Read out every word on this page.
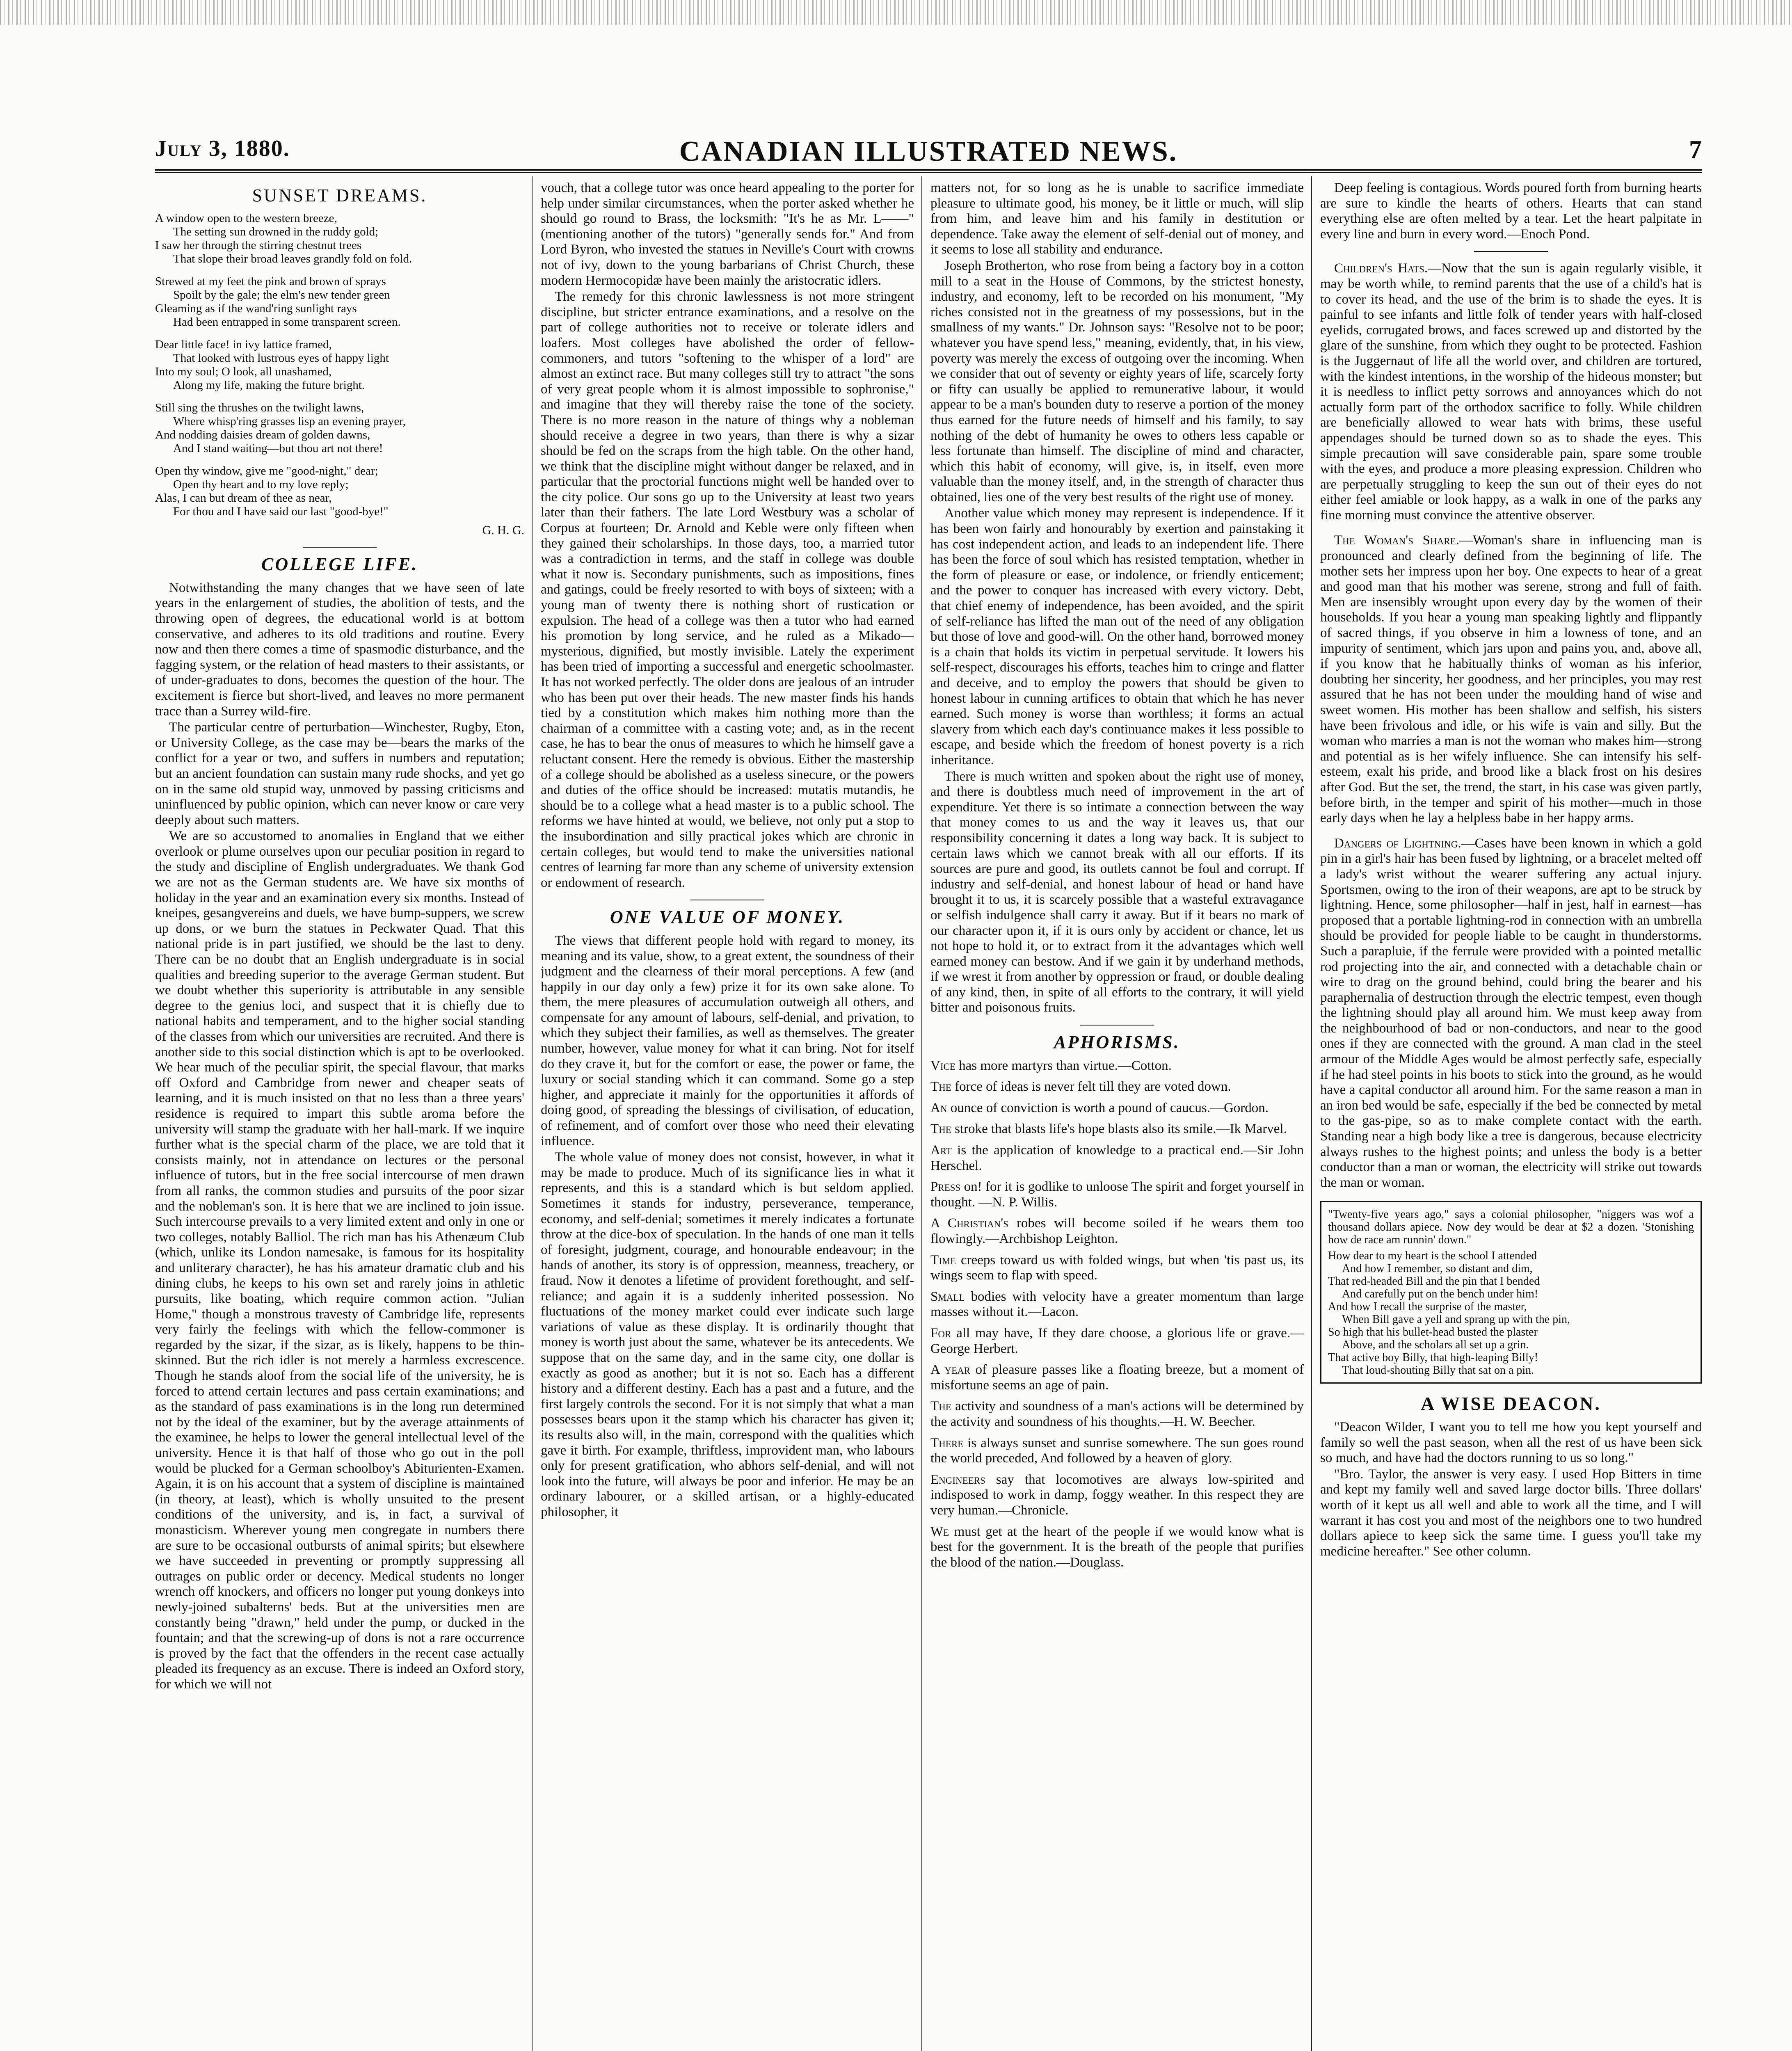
July 3, 1880.	CANADIAN ILLUSTRATED NEWS.	7
SUNSET DREAMS.
A window open to the western breeze,
The setting sun drowned in the ruddy gold;
I saw her through the stirring chestnut trees
That slope their broad leaves grandly fold on fold.
Strewed at my feet the pink and brown of sprays
Spoilt by the gale; the elm's new tender green
Gleaming as if the wand'ring sunlight rays
Had been entrapped in some transparent screen.
Dear little face! in ivy lattice framed,
That looked with lustrous eyes of happy light
Into my soul; O look, all unashamed,
Along my life, making the future bright.
Still sing the thrushes on the twilight lawns,
Where whisp'ring grasses lisp an evening prayer,
And nodding daisies dream of golden dawns,
And I stand waiting—but thou art not there!
Open thy window, give me "good-night," dear;
Open thy heart and to my love reply;
Alas, I can but dream of thee as near,
For thou and I have said our last "good-bye!"
G. H. G.
COLLEGE LIFE.

Notwithstanding the many changes that we have seen of late years in the enlargement of studies, the abolition of tests, and the throwing open of degrees, the educational world is at bottom conservative, and adheres to its old traditions and routine. Every now and then there comes a time of spasmodic disturbance, and the fagging system, or the relation of head masters to their assistants, or of under-graduates to dons, becomes the question of the hour. The excitement is fierce but short-lived, and leaves no more permanent trace than a Surrey wild-fire.

The particular centre of perturbation—Winchester, Rugby, Eton, or University College, as the case may be—bears the marks of the conflict for a year or two, and suffers in numbers and reputation; but an ancient foundation can sustain many rude shocks, and yet go on in the same old stupid way, unmoved by passing criticisms and uninfluenced by public opinion, which can never know or care very deeply about such matters.

We are so accustomed to anomalies in England that we either overlook or plume ourselves upon our peculiar position in regard to the study and discipline of English undergraduates. We thank God we are not as the German students are. We have six months of holiday in the year and an examination every six months. Instead of kneipes, gesangvereins and duels, we have bump-suppers, we screw up dons, or we burn the statues in Peckwater Quad. That this national pride is in part justified, we should be the last to deny. There can be no doubt that an English undergraduate is in social qualities and breeding superior to the average German student. But we doubt whether this superiority is attributable in any sensible degree to the genius loci, and suspect that it is chiefly due to national habits and temperament, and to the higher social standing of the classes from which our universities are recruited. And there is another side to this social distinction which is apt to be overlooked. We hear much of the peculiar spirit, the special flavour, that marks off Oxford and Cambridge from newer and cheaper seats of learning, and it is much insisted on that no less than a three years' residence is required to impart this subtle aroma before the university will stamp the graduate with her hall-mark. If we inquire further what is the special charm of the place, we are told that it consists mainly, not in attendance on lectures or the personal influence of tutors, but in the free social intercourse of men drawn from all ranks, the common studies and pursuits of the poor sizar and the nobleman's son. It is here that we are inclined to join issue. Such intercourse prevails to a very limited extent and only in one or two colleges, notably Balliol. The rich man has his Athenæum Club (which, unlike its London namesake, is famous for its hospitality and unliterary character), he has his amateur dramatic club and his dining clubs, he keeps to his own set and rarely joins in athletic pursuits, like boating, which require common action. "Julian Home," though a monstrous travesty of Cambridge life, represents very fairly the feelings with which the fellow-commoner is regarded by the sizar, if the sizar, as is likely, happens to be thin-skinned. But the rich idler is not merely a harmless excrescence. Though he stands aloof from the social life of the university, he is forced to attend certain lectures and pass certain examinations; and as the standard of pass examinations is in the long run determined not by the ideal of the examiner, but by the average attainments of the examinee, he helps to lower the general intellectual level of the university. Hence it is that half of those who go out in the poll would be plucked for a German schoolboy's Abiturienten-Examen. Again, it is on his account that a system of discipline is maintained (in theory, at least), which is wholly unsuited to the present conditions of the university, and is, in fact, a survival of monasticism. Wherever young men congregate in numbers there are sure to be occasional outbursts of animal spirits; but elsewhere we have succeeded in preventing or promptly suppressing all outrages on public order or decency. Medical students no longer wrench off knockers, and officers no longer put young donkeys into newly-joined subalterns' beds. But at the universities men are constantly being "drawn," held under the pump, or ducked in the fountain; and that the screwing-up of dons is not a rare occurrence is proved by the fact that the offenders in the recent case actually pleaded its frequency as an excuse. There is indeed an Oxford story, for which we will not

vouch, that a college tutor was once heard appealing to the porter for help under similar circumstances, when the porter asked whether he should go round to Brass, the locksmith: "It's he as Mr. L——" (mentioning another of the tutors) "generally sends for." And from Lord Byron, who invested the statues in Neville's Court with crowns not of ivy, down to the young barbarians of Christ Church, these modern Hermocopidæ have been mainly the aristocratic idlers.

The remedy for this chronic lawlessness is not more stringent discipline, but stricter entrance examinations, and a resolve on the part of college authorities not to receive or tolerate idlers and loafers. Most colleges have abolished the order of fellow-commoners, and tutors "softening to the whisper of a lord" are almost an extinct race. But many colleges still try to attract "the sons of very great people whom it is almost impossible to sophronise," and imagine that they will thereby raise the tone of the society. There is no more reason in the nature of things why a nobleman should receive a degree in two years, than there is why a sizar should be fed on the scraps from the high table. On the other hand, we think that the discipline might without danger be relaxed, and in particular that the proctorial functions might well be handed over to the city police. Our sons go up to the University at least two years later than their fathers. The late Lord Westbury was a scholar of Corpus at fourteen; Dr. Arnold and Keble were only fifteen when they gained their scholarships. In those days, too, a married tutor was a contradiction in terms, and the staff in college was double what it now is. Secondary punishments, such as impositions, fines and gatings, could be freely resorted to with boys of sixteen; with a young man of twenty there is nothing short of rustication or expulsion. The head of a college was then a tutor who had earned his promotion by long service, and he ruled as a Mikado—mysterious, dignified, but mostly invisible. Lately the experiment has been tried of importing a successful and energetic schoolmaster. It has not worked perfectly. The older dons are jealous of an intruder who has been put over their heads. The new master finds his hands tied by a constitution which makes him nothing more than the chairman of a committee with a casting vote; and, as in the recent case, he has to bear the onus of measures to which he himself gave a reluctant consent. Here the remedy is obvious. Either the mastership of a college should be abolished as a useless sinecure, or the powers and duties of the office should be increased: mutatis mutandis, he should be to a college what a head master is to a public school. The reforms we have hinted at would, we believe, not only put a stop to the insubordination and silly practical jokes which are chronic in certain colleges, but would tend to make the universities national centres of learning far more than any scheme of university extension or endowment of research.

ONE VALUE OF MONEY.

The views that different people hold with regard to money, its meaning and its value, show, to a great extent, the soundness of their judgment and the clearness of their moral perceptions. A few (and happily in our day only a few) prize it for its own sake alone. To them, the mere pleasures of accumulation outweigh all others, and compensate for any amount of labours, self-denial, and privation, to which they subject their families, as well as themselves. The greater number, however, value money for what it can bring. Not for itself do they crave it, but for the comfort or ease, the power or fame, the luxury or social standing which it can command. Some go a step higher, and appreciate it mainly for the opportunities it affords of doing good, of spreading the blessings of civilisation, of education, of refinement, and of comfort over those who need their elevating influence.

The whole value of money does not consist, however, in what it may be made to produce. Much of its significance lies in what it represents, and this is a standard which is but seldom applied. Sometimes it stands for industry, perseverance, temperance, economy, and self-denial; sometimes it merely indicates a fortunate throw at the dice-box of speculation. In the hands of one man it tells of foresight, judgment, courage, and honourable endeavour; in the hands of another, its story is of oppression, meanness, treachery, or fraud. Now it denotes a lifetime of provident forethought, and self-reliance; and again it is a suddenly inherited possession. No fluctuations of the money market could ever indicate such large variations of value as these display. It is ordinarily thought that money is worth just about the same, whatever be its antecedents. We suppose that on the same day, and in the same city, one dollar is exactly as good as another; but it is not so. Each has a different history and a different destiny. Each has a past and a future, and the first largely controls the second. For it is not simply that what a man possesses bears upon it the stamp which his character has given it; its results also will, in the main, correspond with the qualities which gave it birth. For example, thriftless, improvident man, who labours only for present gratification, who abhors self-denial, and will not look into the future, will always be poor and inferior. He may be an ordinary labourer, or a skilled artisan, or a highly-educated philosopher, it

matters not, for so long as he is unable to sacrifice immediate pleasure to ultimate good, his money, be it little or much, will slip from him, and leave him and his family in destitution or dependence. Take away the element of self-denial out of money, and it seems to lose all stability and endurance.

Joseph Brotherton, who rose from being a factory boy in a cotton mill to a seat in the House of Commons, by the strictest honesty, industry, and economy, left to be recorded on his monument, "My riches consisted not in the greatness of my possessions, but in the smallness of my wants." Dr. Johnson says: "Resolve not to be poor; whatever you have spend less," meaning, evidently, that, in his view, poverty was merely the excess of outgoing over the incoming. When we consider that out of seventy or eighty years of life, scarcely forty or fifty can usually be applied to remunerative labour, it would appear to be a man's bounden duty to reserve a portion of the money thus earned for the future needs of himself and his family, to say nothing of the debt of humanity he owes to others less capable or less fortunate than himself. The discipline of mind and character, which this habit of economy, will give, is, in itself, even more valuable than the money itself, and, in the strength of character thus obtained, lies one of the very best results of the right use of money.

Another value which money may represent is independence. If it has been won fairly and honourably by exertion and painstaking it has cost independent action, and leads to an independent life. There has been the force of soul which has resisted temptation, whether in the form of pleasure or ease, or indolence, or friendly enticement; and the power to conquer has increased with every victory. Debt, that chief enemy of independence, has been avoided, and the spirit of self-reliance has lifted the man out of the need of any obligation but those of love and good-will. On the other hand, borrowed money is a chain that holds its victim in perpetual servitude. It lowers his self-respect, discourages his efforts, teaches him to cringe and flatter and deceive, and to employ the powers that should be given to honest labour in cunning artifices to obtain that which he has never earned. Such money is worse than worthless; it forms an actual slavery from which each day's continuance makes it less possible to escape, and beside which the freedom of honest poverty is a rich inheritance.

There is much written and spoken about the right use of money, and there is doubtless much need of improvement in the art of expenditure. Yet there is so intimate a connection between the way that money comes to us and the way it leaves us, that our responsibility concerning it dates a long way back. It is subject to certain laws which we cannot break with all our efforts. If its sources are pure and good, its outlets cannot be foul and corrupt. If industry and self-denial, and honest labour of head or hand have brought it to us, it is scarcely possible that a wasteful extravagance or selfish indulgence shall carry it away. But if it bears no mark of our character upon it, if it is ours only by accident or chance, let us not hope to hold it, or to extract from it the advantages which well earned money can bestow. And if we gain it by underhand methods, if we wrest it from another by oppression or fraud, or double dealing of any kind, then, in spite of all efforts to the contrary, it will yield bitter and poisonous fruits.

APHORISMS.

Vice has more martyrs than virtue.—Cotton.

The force of ideas is never felt till they are voted down.

An ounce of conviction is worth a pound of caucus.—Gordon.

The stroke that blasts life's hope blasts also its smile.—Ik Marvel.

Art is the application of knowledge to a practical end.—Sir John Herschel.

Press on! for it is godlike to unloose The spirit and forget yourself in thought. —N. P. Willis.

A Christian's robes will become soiled if he wears them too flowingly.—Archbishop Leighton.

Time creeps toward us with folded wings, but when 'tis past us, its wings seem to flap with speed.

Small bodies with velocity have a greater momentum than large masses without it.—Lacon.

For all may have, If they dare choose, a glorious life or grave.—George Herbert.

A year of pleasure passes like a floating breeze, but a moment of misfortune seems an age of pain.

The activity and soundness of a man's actions will be determined by the activity and soundness of his thoughts.—H. W. Beecher.

There is always sunset and sunrise somewhere. The sun goes round the world preceded, And followed by a heaven of glory.

Engineers say that locomotives are always low-spirited and indisposed to work in damp, foggy weather. In this respect they are very human.—Chronicle.

We must get at the heart of the people if we would know what is best for the government. It is the breath of the people that purifies the blood of the nation.—Douglass.

Deep feeling is contagious. Words poured forth from burning hearts are sure to kindle the hearts of others. Hearts that can stand everything else are often melted by a tear. Let the heart palpitate in every line and burn in every word.—Enoch Pond.

Children's Hats.—Now that the sun is again regularly visible, it may be worth while, to remind parents that the use of a child's hat is to cover its head, and the use of the brim is to shade the eyes. It is painful to see infants and little folk of tender years with half-closed eyelids, corrugated brows, and faces screwed up and distorted by the glare of the sunshine, from which they ought to be protected. Fashion is the Juggernaut of life all the world over, and children are tortured, with the kindest intentions, in the worship of the hideous monster; but it is needless to inflict petty sorrows and annoyances which do not actually form part of the orthodox sacrifice to folly. While children are beneficially allowed to wear hats with brims, these useful appendages should be turned down so as to shade the eyes. This simple precaution will save considerable pain, spare some trouble with the eyes, and produce a more pleasing expression. Children who are perpetually struggling to keep the sun out of their eyes do not either feel amiable or look happy, as a walk in one of the parks any fine morning must convince the attentive observer.

The Woman's Share.—Woman's share in influencing man is pronounced and clearly defined from the beginning of life. The mother sets her impress upon her boy. One expects to hear of a great and good man that his mother was serene, strong and full of faith. Men are insensibly wrought upon every day by the women of their households. If you hear a young man speaking lightly and flippantly of sacred things, if you observe in him a lowness of tone, and an impurity of sentiment, which jars upon and pains you, and, above all, if you know that he habitually thinks of woman as his inferior, doubting her sincerity, her goodness, and her principles, you may rest assured that he has not been under the moulding hand of wise and sweet women. His mother has been shallow and selfish, his sisters have been frivolous and idle, or his wife is vain and silly. But the woman who marries a man is not the woman who makes him—strong and potential as is her wifely influence. She can intensify his self-esteem, exalt his pride, and brood like a black frost on his desires after God. But the set, the trend, the start, in his case was given partly, before birth, in the temper and spirit of his mother—much in those early days when he lay a helpless babe in her happy arms.

Dangers of Lightning.—Cases have been known in which a gold pin in a girl's hair has been fused by lightning, or a bracelet melted off a lady's wrist without the wearer suffering any actual injury. Sportsmen, owing to the iron of their weapons, are apt to be struck by lightning. Hence, some philosopher—half in jest, half in earnest—has proposed that a portable lightning-rod in connection with an umbrella should be provided for people liable to be caught in thunderstorms. Such a parapluie, if the ferrule were provided with a pointed metallic rod projecting into the air, and connected with a detachable chain or wire to drag on the ground behind, could bring the bearer and his paraphernalia of destruction through the electric tempest, even though the lightning should play all around him. We must keep away from the neighbourhood of bad or non-conductors, and near to the good ones if they are connected with the ground. A man clad in the steel armour of the Middle Ages would be almost perfectly safe, especially if he had steel points in his boots to stick into the ground, as he would have a capital conductor all around him. For the same reason a man in an iron bed would be safe, especially if the bed be connected by metal to the gas-pipe, so as to make complete contact with the earth. Standing near a high body like a tree is dangerous, because electricity always rushes to the highest points; and unless the body is a better conductor than a man or woman, the electricity will strike out towards the man or woman.

"Twenty-five years ago," says a colonial philosopher, "niggers was wof a thousand dollars apiece. Now dey would be dear at $2 a dozen. 'Stonishing how de race am runnin' down."

How dear to my heart is the school I attended
And how I remember, so distant and dim,
That red-headed Bill and the pin that I bended
And carefully put on the bench under him!
And how I recall the surprise of the master,
When Bill gave a yell and sprang up with the pin,
So high that his bullet-head busted the plaster
Above, and the scholars all set up a grin.
That active boy Billy, that high-leaping Billy!
That loud-shouting Billy that sat on a pin.
A WISE DEACON.

"Deacon Wilder, I want you to tell me how you kept yourself and family so well the past season, when all the rest of us have been sick so much, and have had the doctors running to us so long."

"Bro. Taylor, the answer is very easy. I used Hop Bitters in time and kept my family well and saved large doctor bills. Three dollars' worth of it kept us all well and able to work all the time, and I will warrant it has cost you and most of the neighbors one to two hundred dollars apiece to keep sick the same time. I guess you'll take my medicine hereafter." See other column.
